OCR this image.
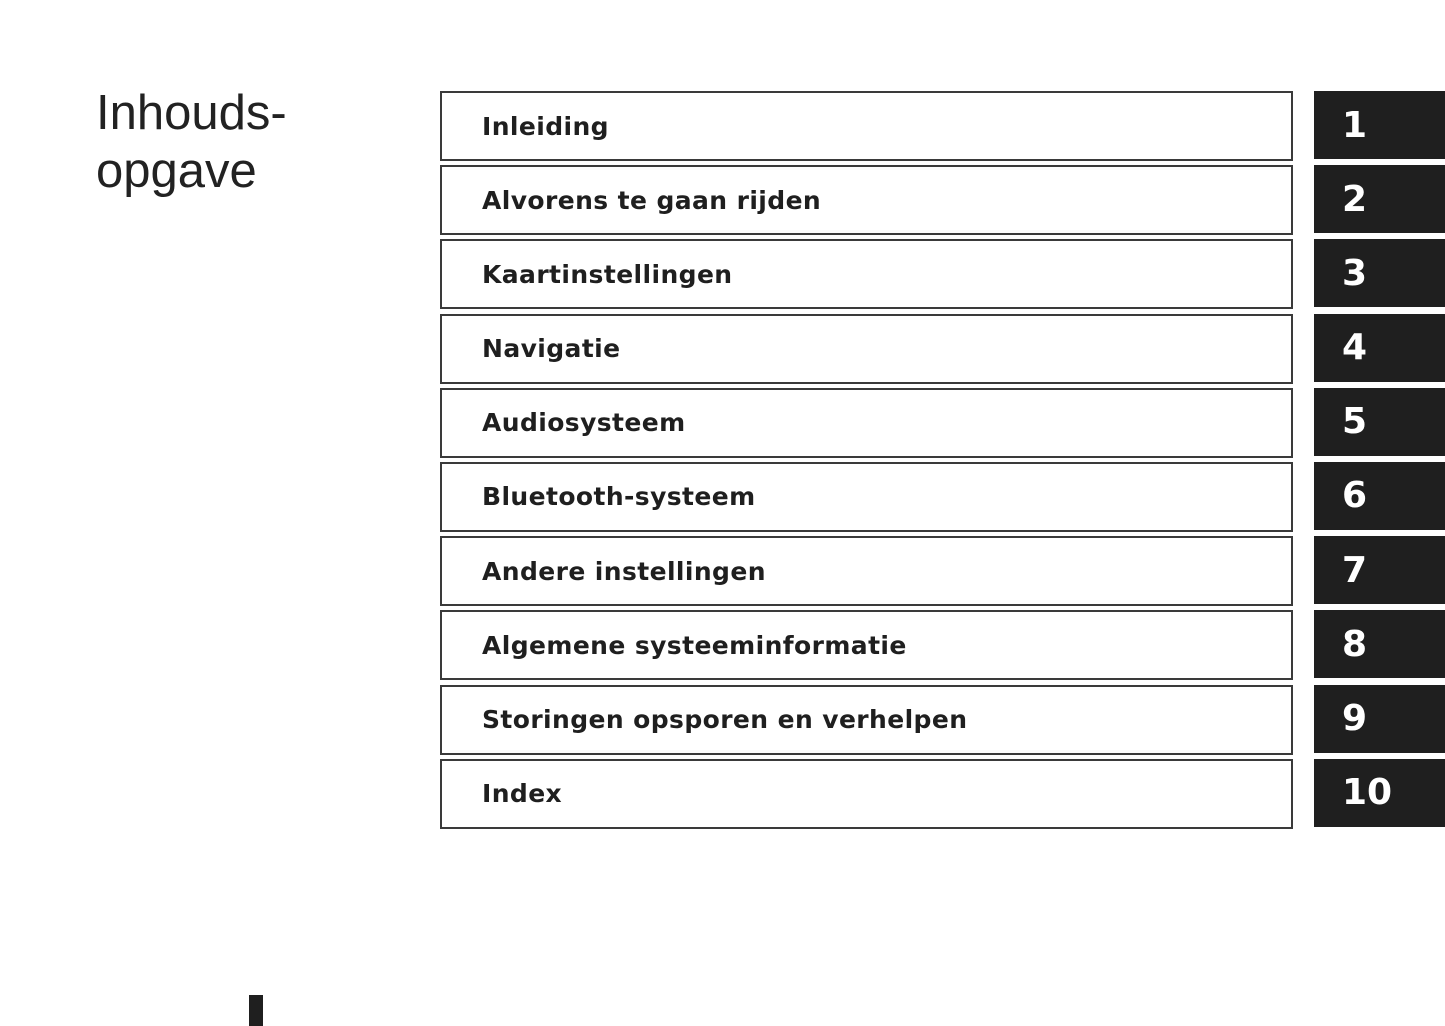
Inhouds-
opgave
Inleiding	1
Alvorens te gaan rijden	2
Kaartinstellingen	3
Navigatie	4
Audiosysteem	5
Bluetooth-systeem	6
Andere instellingen	7
Algemene systeeminformatie	8
Storingen opsporen en verhelpen	9
Index	10
